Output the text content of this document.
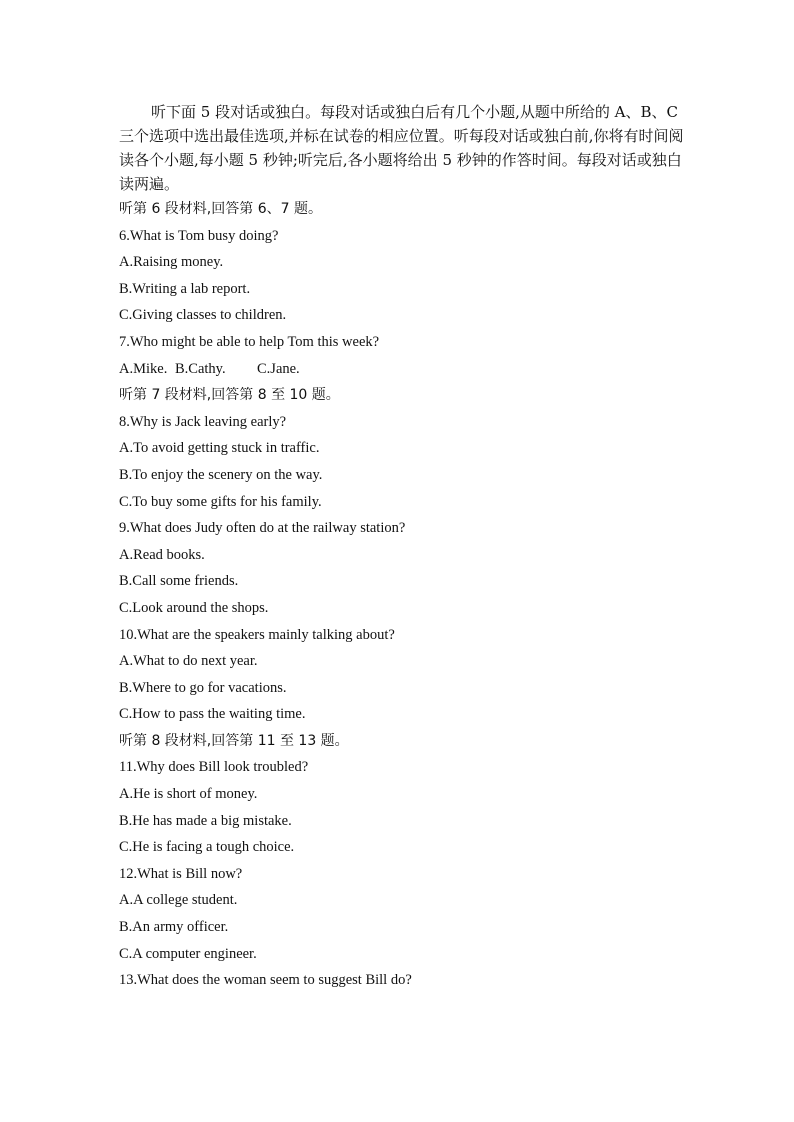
听下面 5 段对话或独白。每段对话或独白后有几个小题,从题中所给的 A、B、C 三个选项中选出最佳选项,并标在试卷的相应位置。听每段对话或独白前,你将有时间阅读各个小题,每小题 5 秒钟;听完后,各小题将给出 5 秒钟的作答时间。每段对话或独白读两遍。

听第 6 段材料,回答第 6、7 题。

6.What is Tom busy doing?

A.Raising money.

B.Writing a lab report.

C.Giving classes to children.

7.Who might be able to help Tom this week?

A.Mike. B.Cathy. C.Jane.

听第 7 段材料,回答第 8 至 10 题。

8.Why is Jack leaving early?

A.To avoid getting stuck in traffic.

B.To enjoy the scenery on the way.

C.To buy some gifts for his family.

9.What does Judy often do at the railway station?

A.Read books.

B.Call some friends.

C.Look around the shops.

10.What are the speakers mainly talking about?

A.What to do next year.

B.Where to go for vacations.

C.How to pass the waiting time.

听第 8 段材料,回答第 11 至 13 题。

11.Why does Bill look troubled?

A.He is short of money.

B.He has made a big mistake.

C.He is facing a tough choice.

12.What is Bill now?

A.A college student.

B.An army officer.

C.A computer engineer.

13.What does the woman seem to suggest Bill do?
